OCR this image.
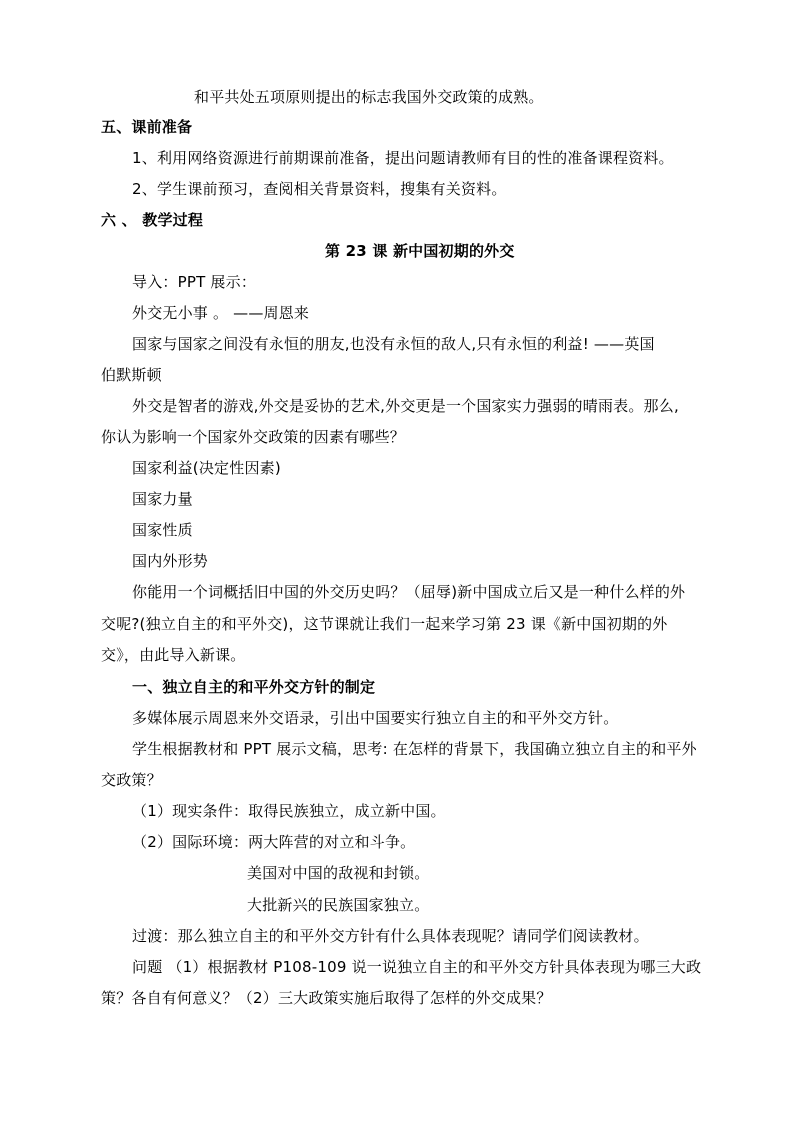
和平共处五项原则提出的标志我国外交政策的成熟。
五、课前准备
1、利用网络资源进行前期课前准备，提出问题请教师有目的性的准备课程资料。
2、学生课前预习，查阅相关背景资料，搜集有关资料。
六 、 教学过程
第 23 课 新中国初期的外交
导入：PPT 展示：
外交无小事 。 ——周恩来
国家与国家之间没有永恒的朋友,也没有永恒的敌人,只有永恒的利益! ——英国
伯默斯顿
外交是智者的游戏,外交是妥协的艺术,外交更是一个国家实力强弱的晴雨表。那么,
你认为影响一个国家外交政策的因素有哪些？
国家利益(决定性因素)
国家力量
国家性质
国内外形势
你能用一个词概括旧中国的外交历史吗？（屈辱)新中国成立后又是一种什么样的外
交呢?(独立自主的和平外交)，这节课就让我们一起来学习第 23 课《新中国初期的外
交》，由此导入新课。
一、独立自主的和平外交方针的制定
多媒体展示周恩来外交语录，引出中国要实行独立自主的和平外交方针。
学生根据教材和 PPT 展示文稿，思考: 在怎样的背景下，我国确立独立自主的和平外
交政策？
（1）现实条件：取得民族独立，成立新中国。
（2）国际环境：两大阵营的对立和斗争。
美国对中国的敌视和封锁。
大批新兴的民族国家独立。
过渡：那么独立自主的和平外交方针有什么具体表现呢？请同学们阅读教材。
问题 （1）根据教材 P108-109 说一说独立自主的和平外交方针具体表现为哪三大政
策？各自有何意义？（2）三大政策实施后取得了怎样的外交成果？
